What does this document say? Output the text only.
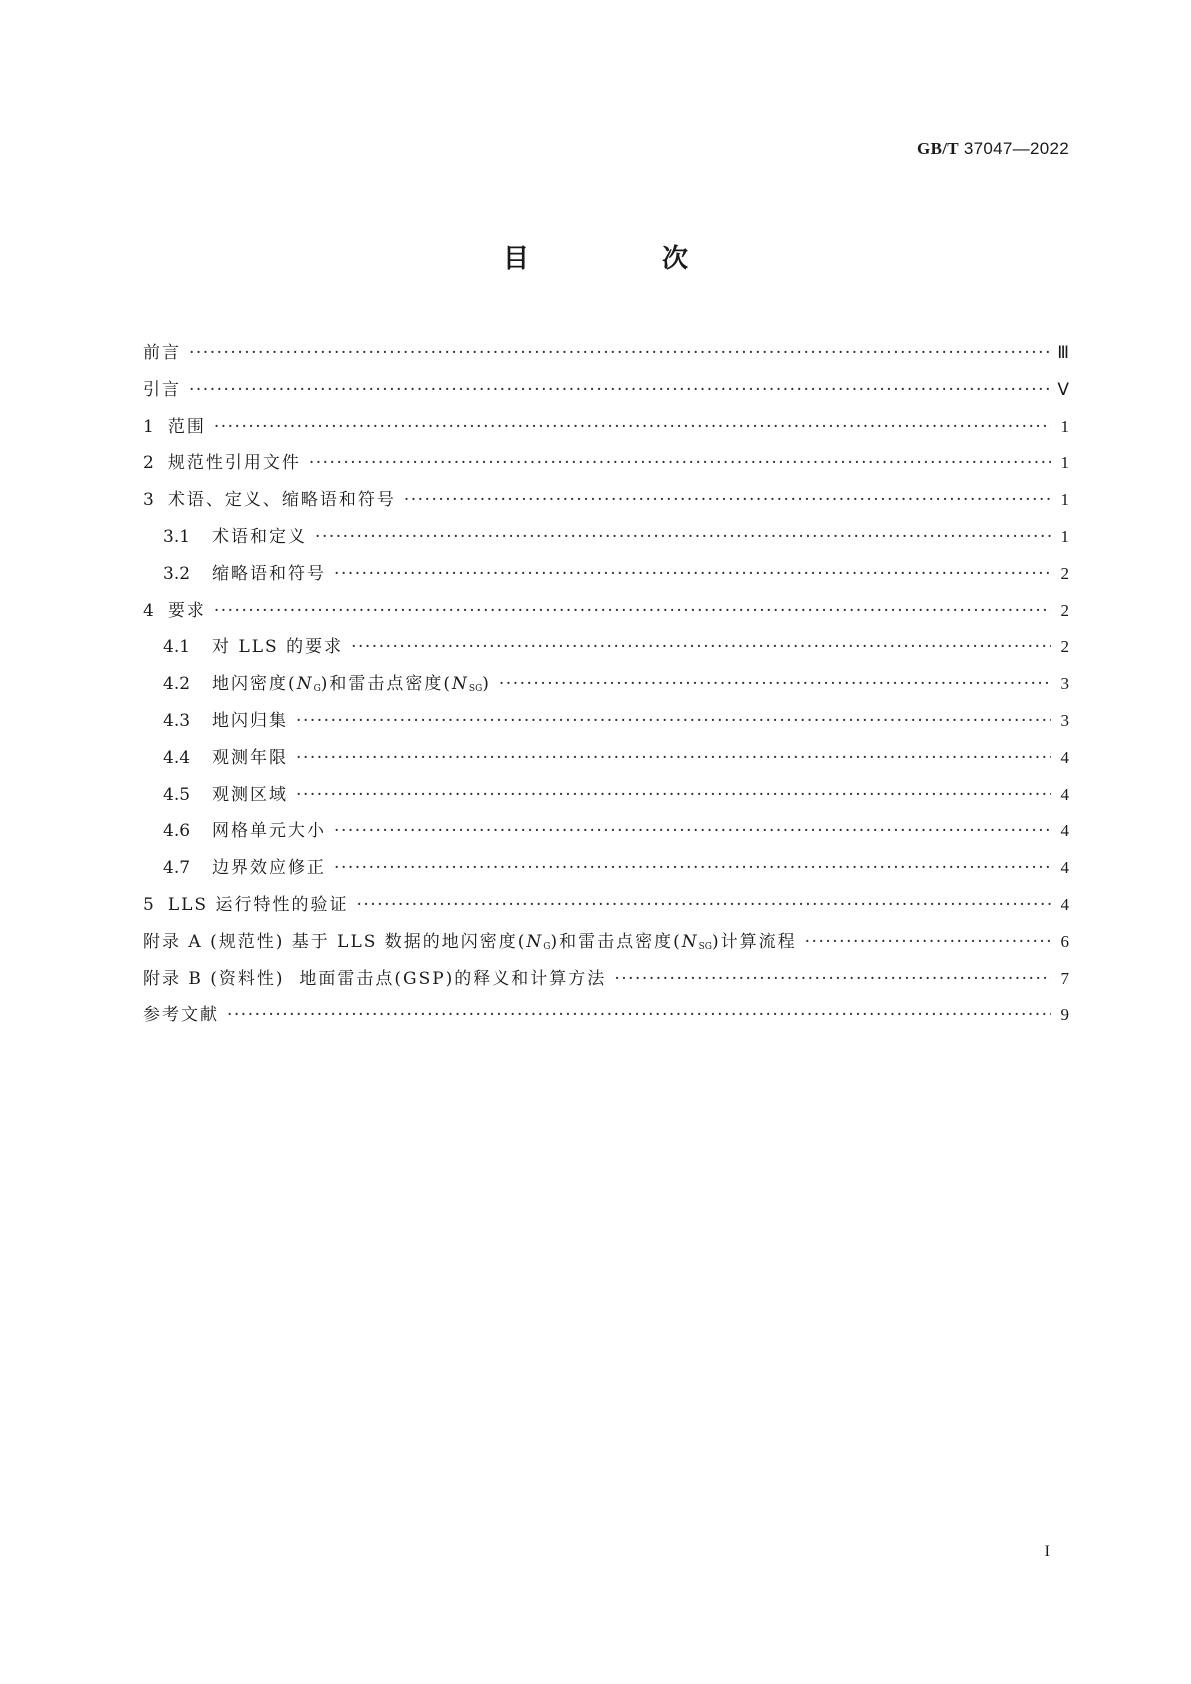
GB/T 37047—2022
目 次
前言 ·····	Ⅲ
引言 ·····	Ⅴ
1 范围 ·····	1
2 规范性引用文件 ·····	1
3 术语、定义、缩略语和符号 ·····	1
3.1 术语和定义 ·····	1
3.2 缩略语和符号 ·····	2
4 要求 ·····	2
4.1 对 LLS 的要求 ·····	2
4.2 地闪密度$(N_G)$和雷击点密度$(N_{SG})$ ·····	3
4.3 地闪归集 ·····	3
4.4 观测年限 ·····	4
4.5 观测区域 ·····	4
4.6 网格单元大小 ·····	4
4.7 边界效应修正 ·····	4
5 LLS 运行特性的验证 ·····	4
附录 A (规范性) 基于 LLS 数据的地闪密度$(N_G)$和雷击点密度$(N_{SG})$计算流程 ·····	6
附录 B (资料性)  地面雷击点(GSP)的释义和计算方法 ·····	7
参考文献 ·····	9
I
